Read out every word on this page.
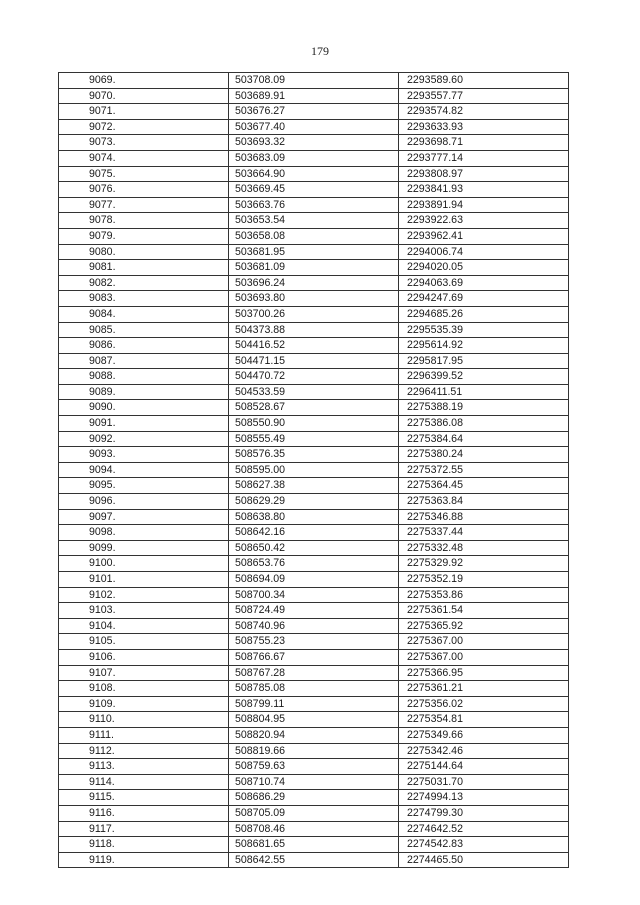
179
9069.	503708.09	2293589.60
9070.	503689.91	2293557.77
9071.	503676.27	2293574.82
9072.	503677.40	2293633.93
9073.	503693.32	2293698.71
9074.	503683.09	2293777.14
9075.	503664.90	2293808.97
9076.	503669.45	2293841.93
9077.	503663.76	2293891.94
9078.	503653.54	2293922.63
9079.	503658.08	2293962.41
9080.	503681.95	2294006.74
9081.	503681.09	2294020.05
9082.	503696.24	2294063.69
9083.	503693.80	2294247.69
9084.	503700.26	2294685.26
9085.	504373.88	2295535.39
9086.	504416.52	2295614.92
9087.	504471.15	2295817.95
9088.	504470.72	2296399.52
9089.	504533.59	2296411.51
9090.	508528.67	2275388.19
9091.	508550.90	2275386.08
9092.	508555.49	2275384.64
9093.	508576.35	2275380.24
9094.	508595.00	2275372.55
9095.	508627.38	2275364.45
9096.	508629.29	2275363.84
9097.	508638.80	2275346.88
9098.	508642.16	2275337.44
9099.	508650.42	2275332.48
9100.	508653.76	2275329.92
9101.	508694.09	2275352.19
9102.	508700.34	2275353.86
9103.	508724.49	2275361.54
9104.	508740.96	2275365.92
9105.	508755.23	2275367.00
9106.	508766.67	2275367.00
9107.	508767.28	2275366.95
9108.	508785.08	2275361.21
9109.	508799.11	2275356.02
9110.	508804.95	2275354.81
9111.	508820.94	2275349.66
9112.	508819.66	2275342.46
9113.	508759.63	2275144.64
9114.	508710.74	2275031.70
9115.	508686.29	2274994.13
9116.	508705.09	2274799.30
9117.	508708.46	2274642.52
9118.	508681.65	2274542.83
9119.	508642.55	2274465.50
